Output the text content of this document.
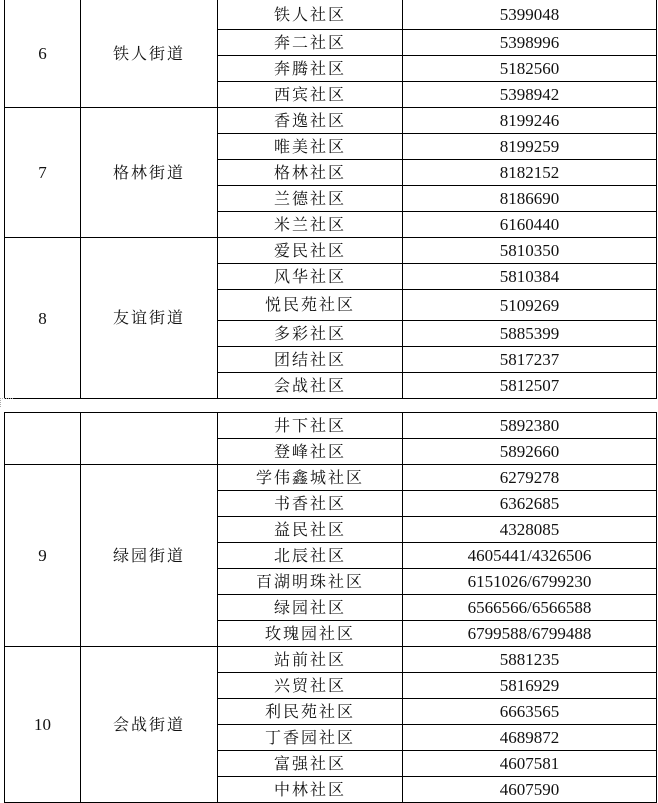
6	铁人街道	铁人社区	5399048
		奔二社区	5398996
		奔腾社区	5182560
		西宾社区	5398942
7	格林街道	香逸社区	8199246
		唯美社区	8199259
		格林社区	8182152
		兰德社区	8186690
		米兰社区	6160440
8	友谊街道	爱民社区	5810350
		风华社区	5810384
		悦民苑社区	5109269
		多彩社区	5885399
		团结社区	5817237
		会战社区	5812507
		井下社区	5892380
		登峰社区	5892660
9	绿园街道	学伟鑫城社区	6279278
		书香社区	6362685
		益民社区	4328085
		北辰社区	4605441/4326506
		百湖明珠社区	6151026/6799230
		绿园社区	6566566/6566588
		玫瑰园社区	6799588/6799488
10	会战街道	站前社区	5881235
		兴贸社区	5816929
		利民苑社区	6663565
		丁香园社区	4689872
		富强社区	4607581
		中林社区	4607590
